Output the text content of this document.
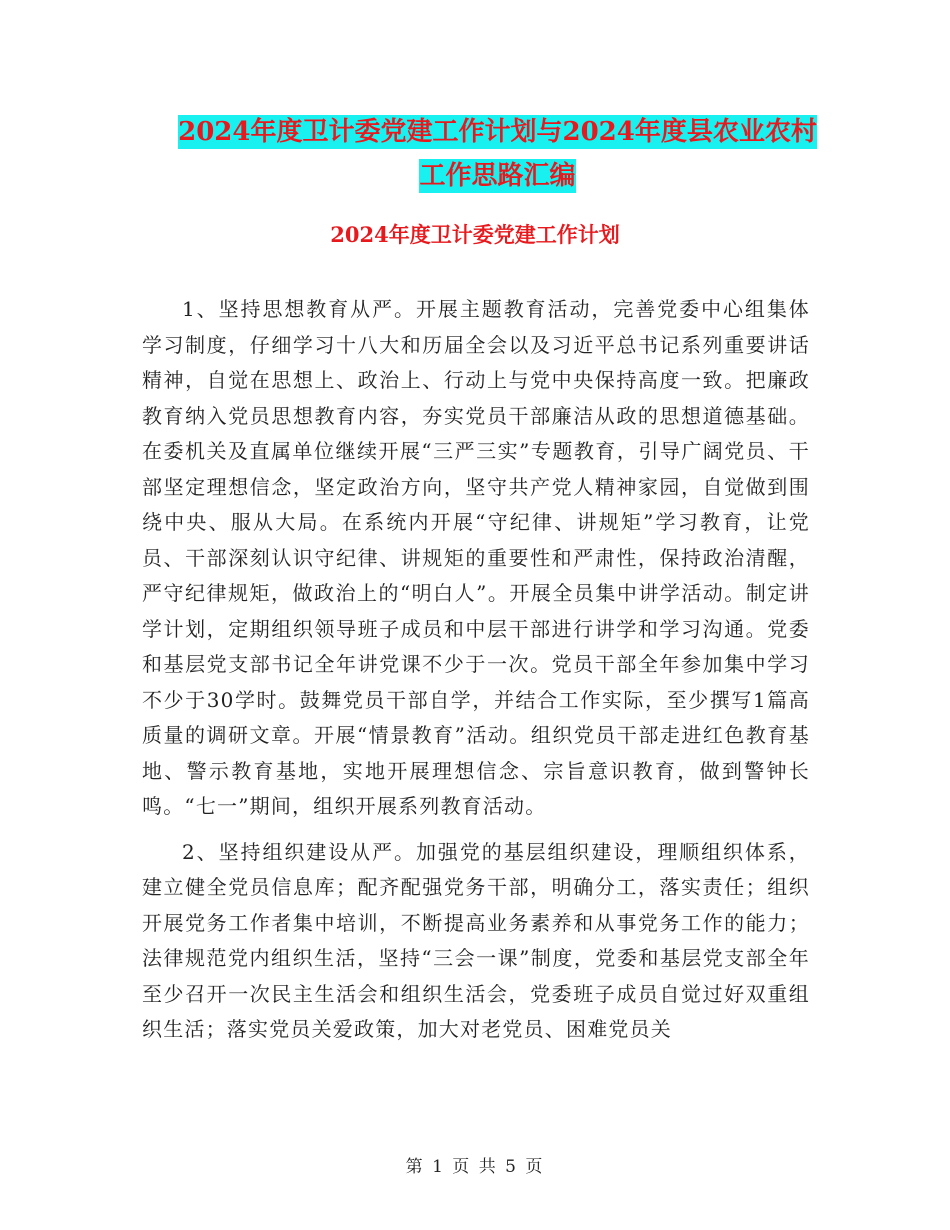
2024年度卫计委党建工作计划与2024年度县农业农村
工作思路汇编
2024年度卫计委党建工作计划

1、坚持思想教育从严。开展主题教育活动，完善党委中心组集体学习制度，仔细学习十八大和历届全会以及习近平总书记系列重要讲话精神，自觉在思想上、政治上、行动上与党中央保持高度一致。把廉政教育纳入党员思想教育内容，夯实党员干部廉洁从政的思想道德基础。在委机关及直属单位继续开展“三严三实”专题教育，引导广阔党员、干部坚定理想信念，坚定政治方向，坚守共产党人精神家园，自觉做到围绕中央、服从大局。在系统内开展“守纪律、讲规矩”学习教育，让党员、干部深刻认识守纪律、讲规矩的重要性和严肃性，保持政治清醒，严守纪律规矩，做政治上的“明白人”。开展全员集中讲学活动。制定讲学计划，定期组织领导班子成员和中层干部进行讲学和学习沟通。党委和基层党支部书记全年讲党课不少于一次。党员干部全年参加集中学习不少于30学时。鼓舞党员干部自学，并结合工作实际，至少撰写1篇高质量的调研文章。开展“情景教育”活动。组织党员干部走进红色教育基地、警示教育基地，实地开展理想信念、宗旨意识教育，做到警钟长鸣。“七一”期间，组织开展系列教育活动。

2、坚持组织建设从严。加强党的基层组织建设，理顺组织体系，建立健全党员信息库；配齐配强党务干部，明确分工，落实责任；组织开展党务工作者集中培训，不断提高业务素养和从事党务工作的能力；法律规范党内组织生活，坚持“三会一课”制度，党委和基层党支部全年至少召开一次民主生活会和组织生活会，党委班子成员自觉过好双重组织生活；落实党员关爱政策，加大对老党员、困难党员关

第 1 页 共 5 页
